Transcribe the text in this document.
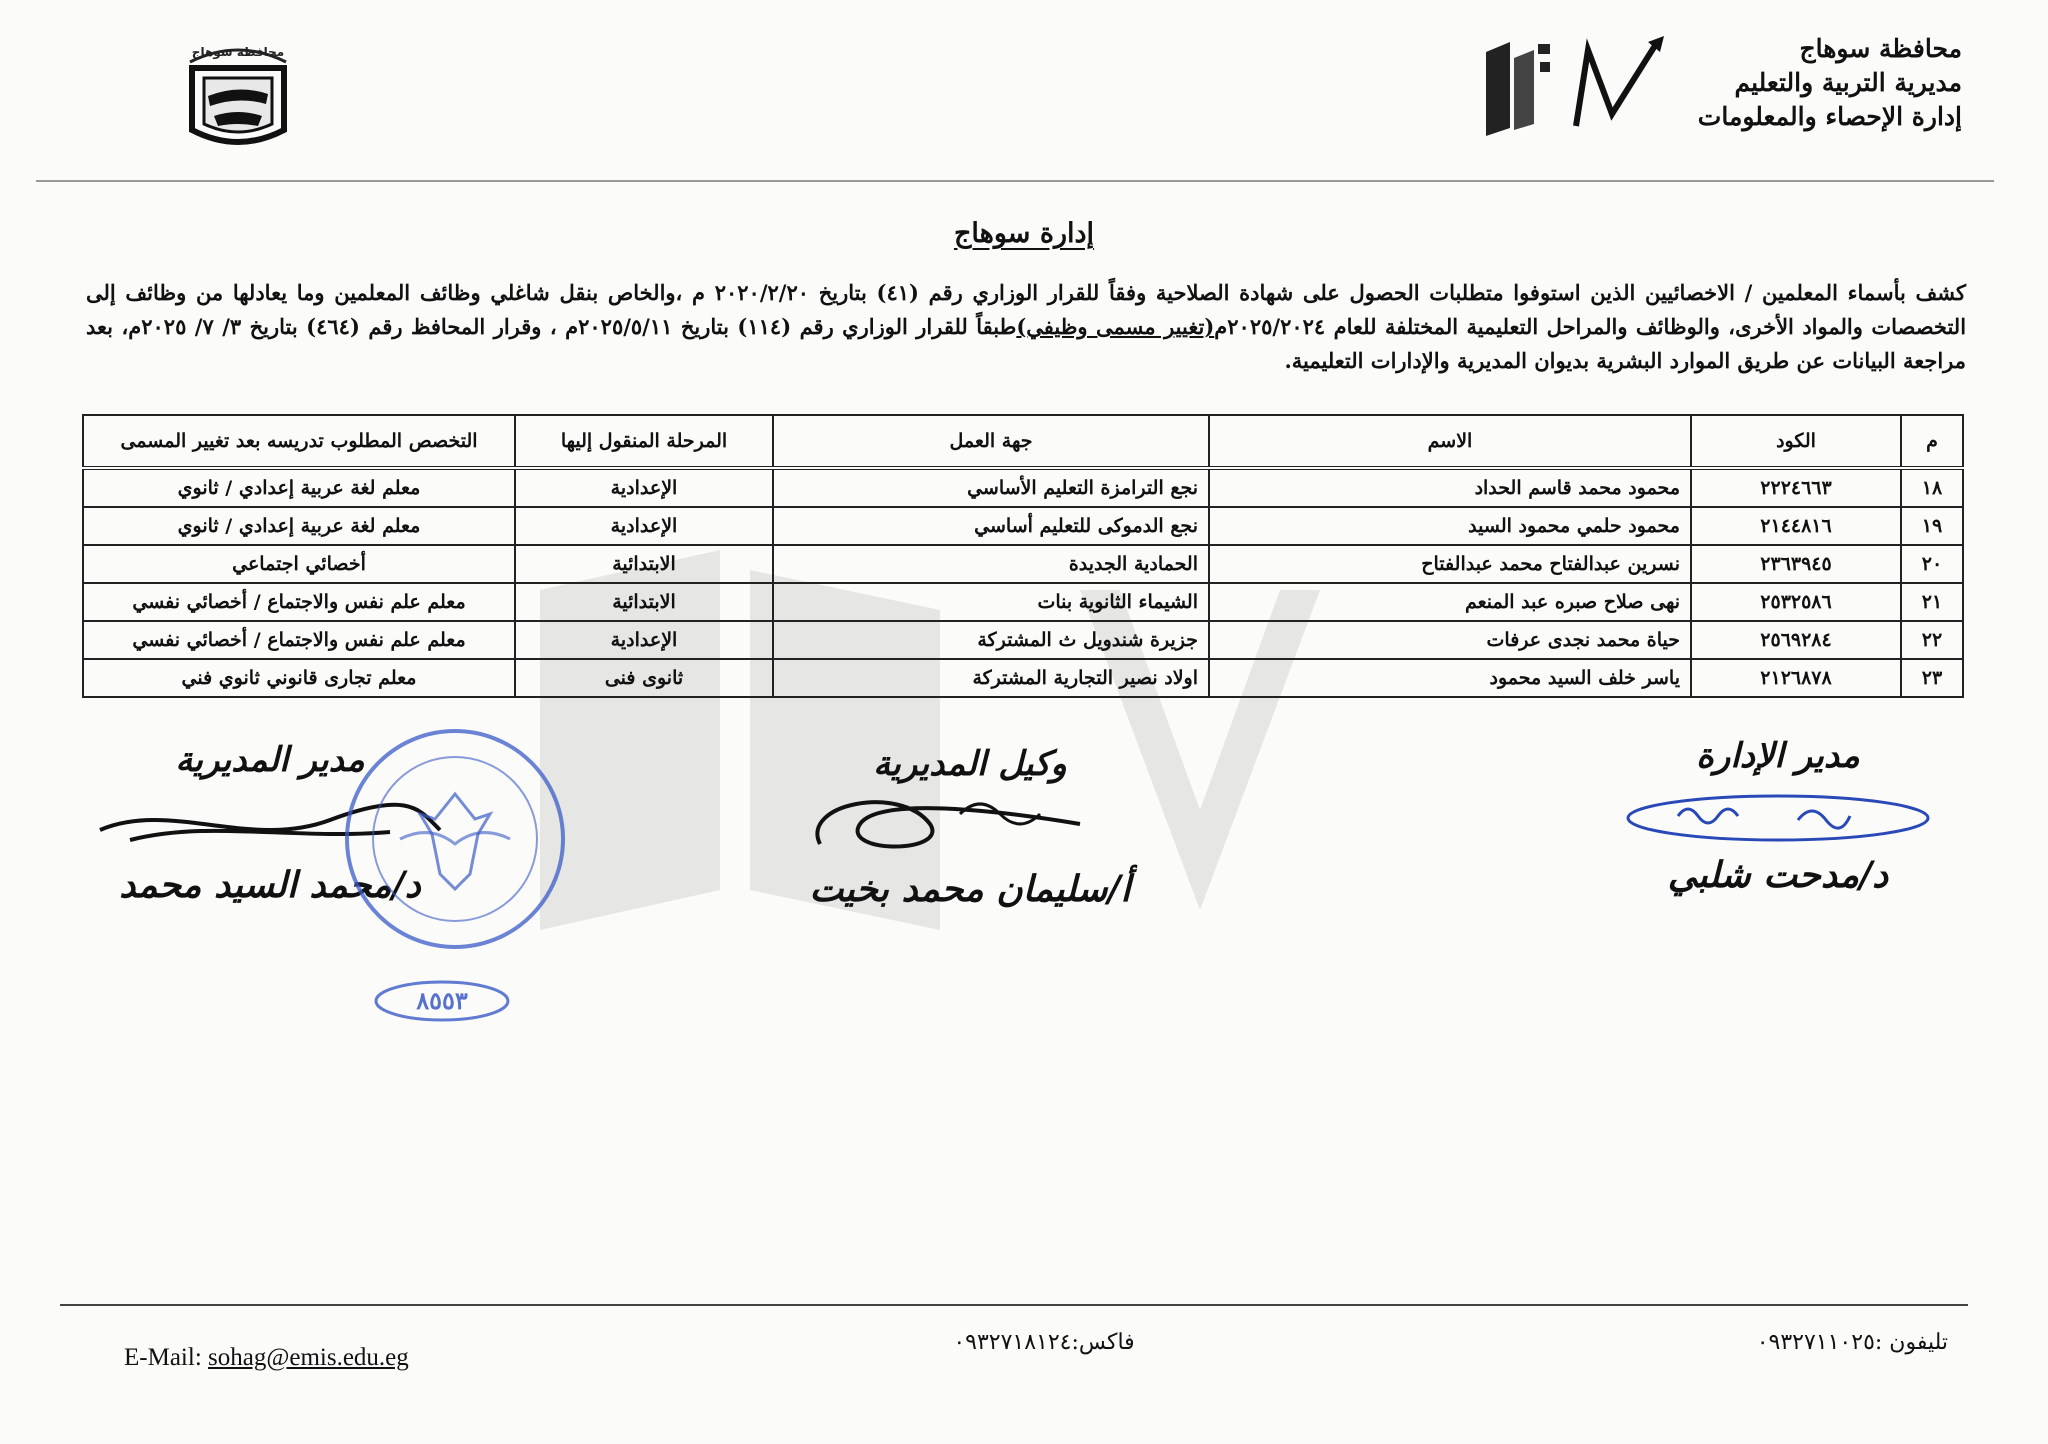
محافظة سوهاج	محافظة سوهاج
مديرية التربية والتعليم
إدارة الإحصاء والمعلومات
إدارة سوهاج
كشف بأسماء المعلمين / الاخصائيين الذين استوفوا متطلبات الحصول على شهادة الصلاحية وفقاً للقرار الوزاري رقم (٤١) بتاريخ ٢٠٢٠/٢/٢٠ م ،والخاص بنقل شاغلي وظائف المعلمين وما يعادلها من وظائف إلى التخصصات والمواد الأخرى، والوظائف والمراحل التعليمية المختلفة للعام ٢٠٢٥/٢٠٢٤م(تغيير مسمى وظيفي)طبقاً للقرار الوزاري رقم (١١٤) بتاريخ ٢٠٢٥/٥/١١م ، وقرار المحافظ رقم (٤٦٤) بتاريخ ٣/ ٧/ ٢٠٢٥م، بعد مراجعة البيانات عن طريق الموارد البشرية بديوان المديرية والإدارات التعليمية.
م	الكود	الاسم	جهة العمل	المرحلة المنقول إليها	التخصص المطلوب تدريسه بعد تغيير المسمى
١٨	٢٢٢٤٦٦٣	محمود محمد قاسم الحداد	نجع الترامزة التعليم الأساسي	الإعدادية	معلم لغة عربية إعدادي / ثانوي
١٩	٢١٤٤٨١٦	محمود حلمي محمود السيد	نجع الدموكى للتعليم أساسي	الإعدادية	معلم لغة عربية إعدادي / ثانوي
٢٠	٢٣٦٣٩٤٥	نسرين عبدالفتاح محمد عبدالفتاح	الحمادية الجديدة	الابتدائية	أخصائي اجتماعي
٢١	٢٥٣٢٥٨٦	نهى صلاح صبره عبد المنعم	الشيماء الثانوية بنات	الابتدائية	معلم علم نفس والاجتماع / أخصائي نفسي
٢٢	٢٥٦٩٢٨٤	حياة محمد نجدى عرفات	جزيرة شندويل ث المشتركة	الإعدادية	معلم علم نفس والاجتماع / أخصائي نفسي
٢٣	٢١٢٦٨٧٨	ياسر خلف السيد محمود	اولاد نصير التجارية المشتركة	ثانوى فنى	معلم تجارى قانوني ثانوي فني
مدير الإدارة
د/مدحت شلبي
وكيل المديرية
أ/سليمان محمد بخيت
مدير المديرية
د/محمد السيد محمد
٨٥٥٣
تليفون :٠٩٣٢٧١١٠٢٥
فاكس:٠٩٣٢٧١٨١٢٤
E-Mail: sohag@emis.edu.eg
